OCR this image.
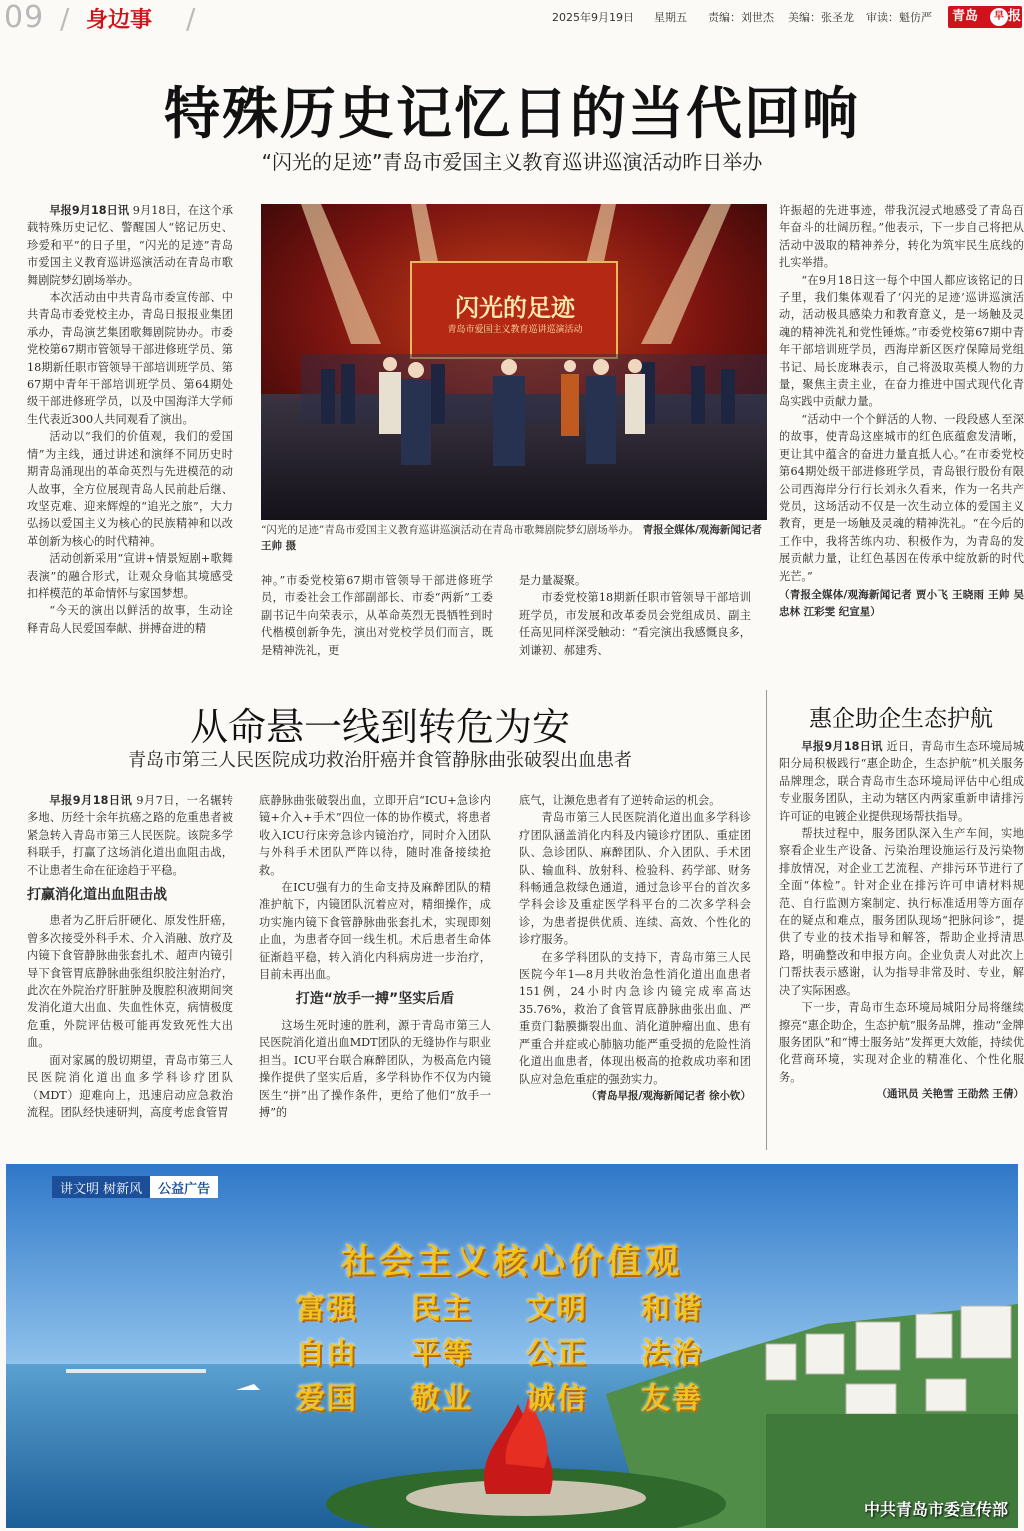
09 / 身边事 /	2025年9月19日 星期五 责编：刘世杰 美编：张圣龙 审读：魁仿严	青岛	早 报
特殊历史记忆日的当代回响
“闪光的足迹”青岛市爱国主义教育巡讲巡演活动昨日举办

早报9月18日讯 9月18日，在这个承载特殊历史记忆、警醒国人“铭记历史、珍爱和平”的日子里，“闪光的足迹”青岛市爱国主义教育巡讲巡演活动在青岛市歌舞剧院梦幻剧场举办。

本次活动由中共青岛市委宣传部、中共青岛市委党校主办，青岛日报报业集团承办，青岛演艺集团歌舞剧院协办。市委党校第67期市管领导干部进修班学员、第18期新任职市管领导干部培训班学员、第67期中青年干部培训班学员、第64期处级干部进修班学员，以及中国海洋大学师生代表近300人共同观看了演出。

活动以“我们的价值观，我们的爱国情”为主线，通过讲述和演绎不同历史时期青岛涌现出的革命英烈与先进模范的动人故事，全方位展现青岛人民前赴后继、攻坚克难、迎来辉煌的“追光之旅”，大力弘扬以爱国主义为核心的民族精神和以改革创新为核心的时代精神。

活动创新采用“宣讲+情景短剧+歌舞表演”的融合形式，让观众身临其境感受扣样模范的革命情怀与家国梦想。

“今天的演出以鲜活的故事，生动诠释青岛人民爱国奉献、拼搏奋进的精

闪光的足迹
青岛市爱国主义教育巡讲巡演活动
“闪光的足迹”青岛市爱国主义教育巡讲巡演活动在青岛市歌舞剧院梦幻剧场举办。 青报全媒体/观海新闻记者 王帅 摄

神。”市委党校第67期市管领导干部进修班学员，市委社会工作部副部长、市委“两新”工委副书记牛向荣表示，从革命英烈无畏牺牲到时代楷模创新争先，演出对党校学员们而言，既是精神洗礼，更

是力量凝聚。

市委党校第18期新任职市管领导干部培训班学员，市发展和改革委员会党组成员、副主任高见同样深受触动：“看完演出我感慨良多，刘谦初、郝建秀、

许振超的先进事迹，带我沉浸式地感受了青岛百年奋斗的壮阔历程。”他表示，下一步自己将把从活动中汲取的精神养分，转化为筑牢民生底线的扎实举措。

“在9月18日这一每个中国人都应该铭记的日子里，我们集体观看了‘闪光的足迹’巡讲巡演活动，活动极具感染力和教育意义，是一场触及灵魂的精神洗礼和党性锤炼。”市委党校第67期中青年干部培训班学员，西海岸新区医疗保障局党组书记、局长庞琳表示，自己将汲取英模人物的力量，聚焦主责主业，在奋力推进中国式现代化青岛实践中贡献力量。

“活动中一个个鲜活的人物、一段段感人至深的故事，使青岛这座城市的红色底蕴愈发清晰，更让其中蕴含的奋进力量直抵人心。”在市委党校第64期处级干部进修班学员，青岛银行股份有限公司西海岸分行行长刘永久看来，作为一名共产党员，这场活动不仅是一次生动立体的爱国主义教育，更是一场触及灵魂的精神洗礼。“在今后的工作中，我将苦练内功、积极作为，为青岛的发展贡献力量，让红色基因在传承中绽放新的时代光芒。”

（青报全媒体/观海新闻记者 贾小飞 王晓雨 王帅 吴忠林 江彩雯 纪宣星）

从命悬一线到转危为安
青岛市第三人民医院成功救治肝癌并食管静脉曲张破裂出血患者

早报9月18日讯 9月7日，一名辗转多地、历经十余年抗癌之路的危重患者被紧急转入青岛市第三人民医院。该院多学科联手，打赢了这场消化道出血阻击战，不让患者生命在征途趋于平稳。

打赢消化道出血阻击战

患者为乙肝后肝硬化、原发性肝癌，曾多次接受外科手术、介入消融、放疗及内镜下食管静脉曲张套扎术、超声内镜引导下食管胃底静脉曲张组织胶注射治疗，此次在外院治疗肝脏肿及腹腔积液期间突发消化道大出血、失血性休克，病情极度危重，外院评估极可能再发致死性大出血。

面对家属的殷切期望，青岛市第三人民医院消化道出血多学科诊疗团队（MDT）迎难向上，迅速启动应急救治流程。团队经快速研判，高度考虑食管胃

底静脉曲张破裂出血，立即开启“ICU+急诊内镜+介入+手术”四位一体的协作模式，将患者收入ICU行床旁急诊内镜治疗，同时介入团队与外科手术团队严阵以待，随时准备接续抢救。

在ICU强有力的生命支持及麻醉团队的精准护航下，内镜团队沉着应对，精细操作，成功实施内镜下食管静脉曲张套扎术，实现即刻止血，为患者夺回一线生机。术后患者生命体征渐趋平稳，转入消化内科病房进一步治疗，目前未再出血。

打造“放手一搏”坚实后盾

这场生死时速的胜利，源于青岛市第三人民医院消化道出血MDT团队的无缝协作与职业担当。ICU平台联合麻醉团队，为极高危内镜操作提供了坚实后盾，多学科协作不仅为内镜医生“拼”出了操作条件，更给了他们“放手一搏”的

底气，让濒危患者有了逆转命运的机会。

青岛市第三人民医院消化道出血多学科诊疗团队涵盖消化内科及内镜诊疗团队、重症团队、急诊团队、麻醉团队、介入团队、手术团队、输血科、放射科、检验科、药学部、财务科畅通急救绿色通道，通过急诊平台的首次多学科会诊及重症医学科平台的二次多学科会诊，为患者提供优质、连续、高效、个性化的诊疗服务。

在多学科团队的支持下，青岛市第三人民医院今年1—8月共收治急性消化道出血患者151例，24小时内急诊内镜完成率高达35.76%，救治了食管胃底静脉曲张出血、严重贲门黏膜撕裂出血、消化道肿瘤出血、患有严重合并症或心肺脑功能严重受损的危险性消化道出血患者，体现出极高的抢救成功率和团队应对急危重症的强劲实力。

（青岛早报/观海新闻记者 徐小钦）

惠企助企生态护航

早报9月18日讯 近日，青岛市生态环境局城阳分局积极践行“惠企助企，生态护航”机关服务品牌理念，联合青岛市生态环境局评估中心组成专业服务团队，主动为辖区内两家重新申请排污许可证的电镀企业提供现场帮扶指导。

帮扶过程中，服务团队深入生产车间，实地察看企业生产设备、污染治理设施运行及污染物排放情况，对企业工艺流程、产排污环节进行了全面“体检”。针对企业在排污许可申请材料规范、自行监测方案制定、执行标准适用等方面存在的疑点和难点，服务团队现场“把脉问诊”，提供了专业的技术指导和解答，帮助企业捋清思路，明确整改和申报方向。企业负责人对此次上门帮扶表示感谢，认为指导非常及时、专业，解决了实际困惑。

下一步，青岛市生态环境局城阳分局将继续擦亮“惠企助企，生态护航”服务品牌，推动“金牌服务团队”和“博士服务站”发挥更大效能，持续优化营商环境，实现对企业的精准化、个性化服务。

（通讯员 关艳雪 王劭然 王倩）

讲文明 树新风	公益广告
社会主义核心价值观
富强	民主	文明	和谐
自由	平等	公正	法治
爱国	敬业	诚信	友善
中共青岛市委宣传部
